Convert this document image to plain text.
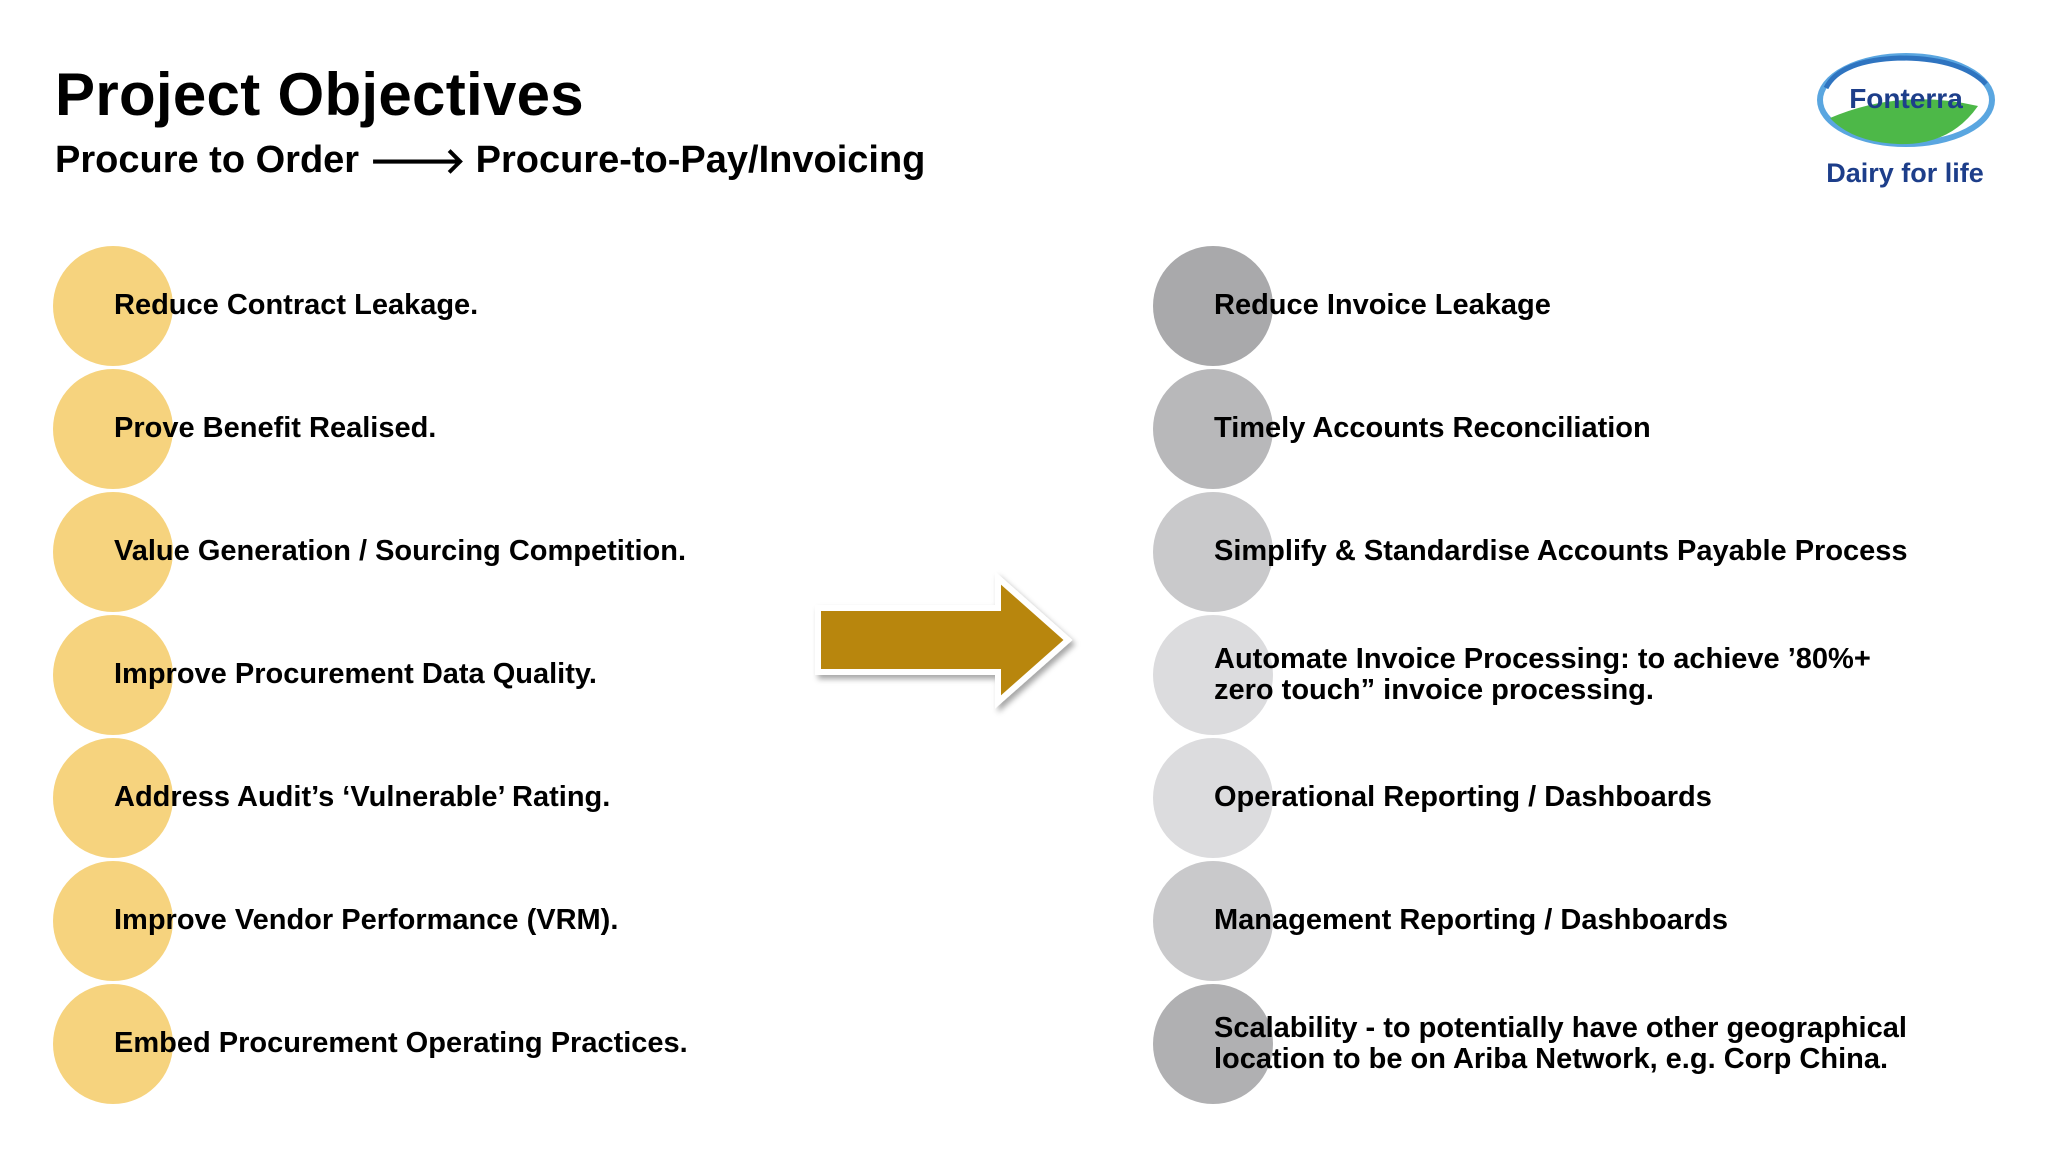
Project Objectives
Procure to Order 🡒 Procure-to-Pay/Invoicing
Fonterra
Dairy for life
Reduce Contract Leakage.
Prove Benefit Realised.
Value Generation / Sourcing Competition.
Improve Procurement Data Quality.
Address Audit’s ‘Vulnerable’ Rating.
Improve Vendor Performance (VRM).
Embed Procurement Operating Practices.
Reduce Invoice Leakage
Timely Accounts Reconciliation
Simplify & Standardise Accounts Payable Process
Automate Invoice Processing: to achieve ’80%+ zero touch” invoice processing.
Operational Reporting / Dashboards
Management Reporting / Dashboards
Scalability - to potentially have other geographical location to be on Ariba Network, e.g. Corp China.
